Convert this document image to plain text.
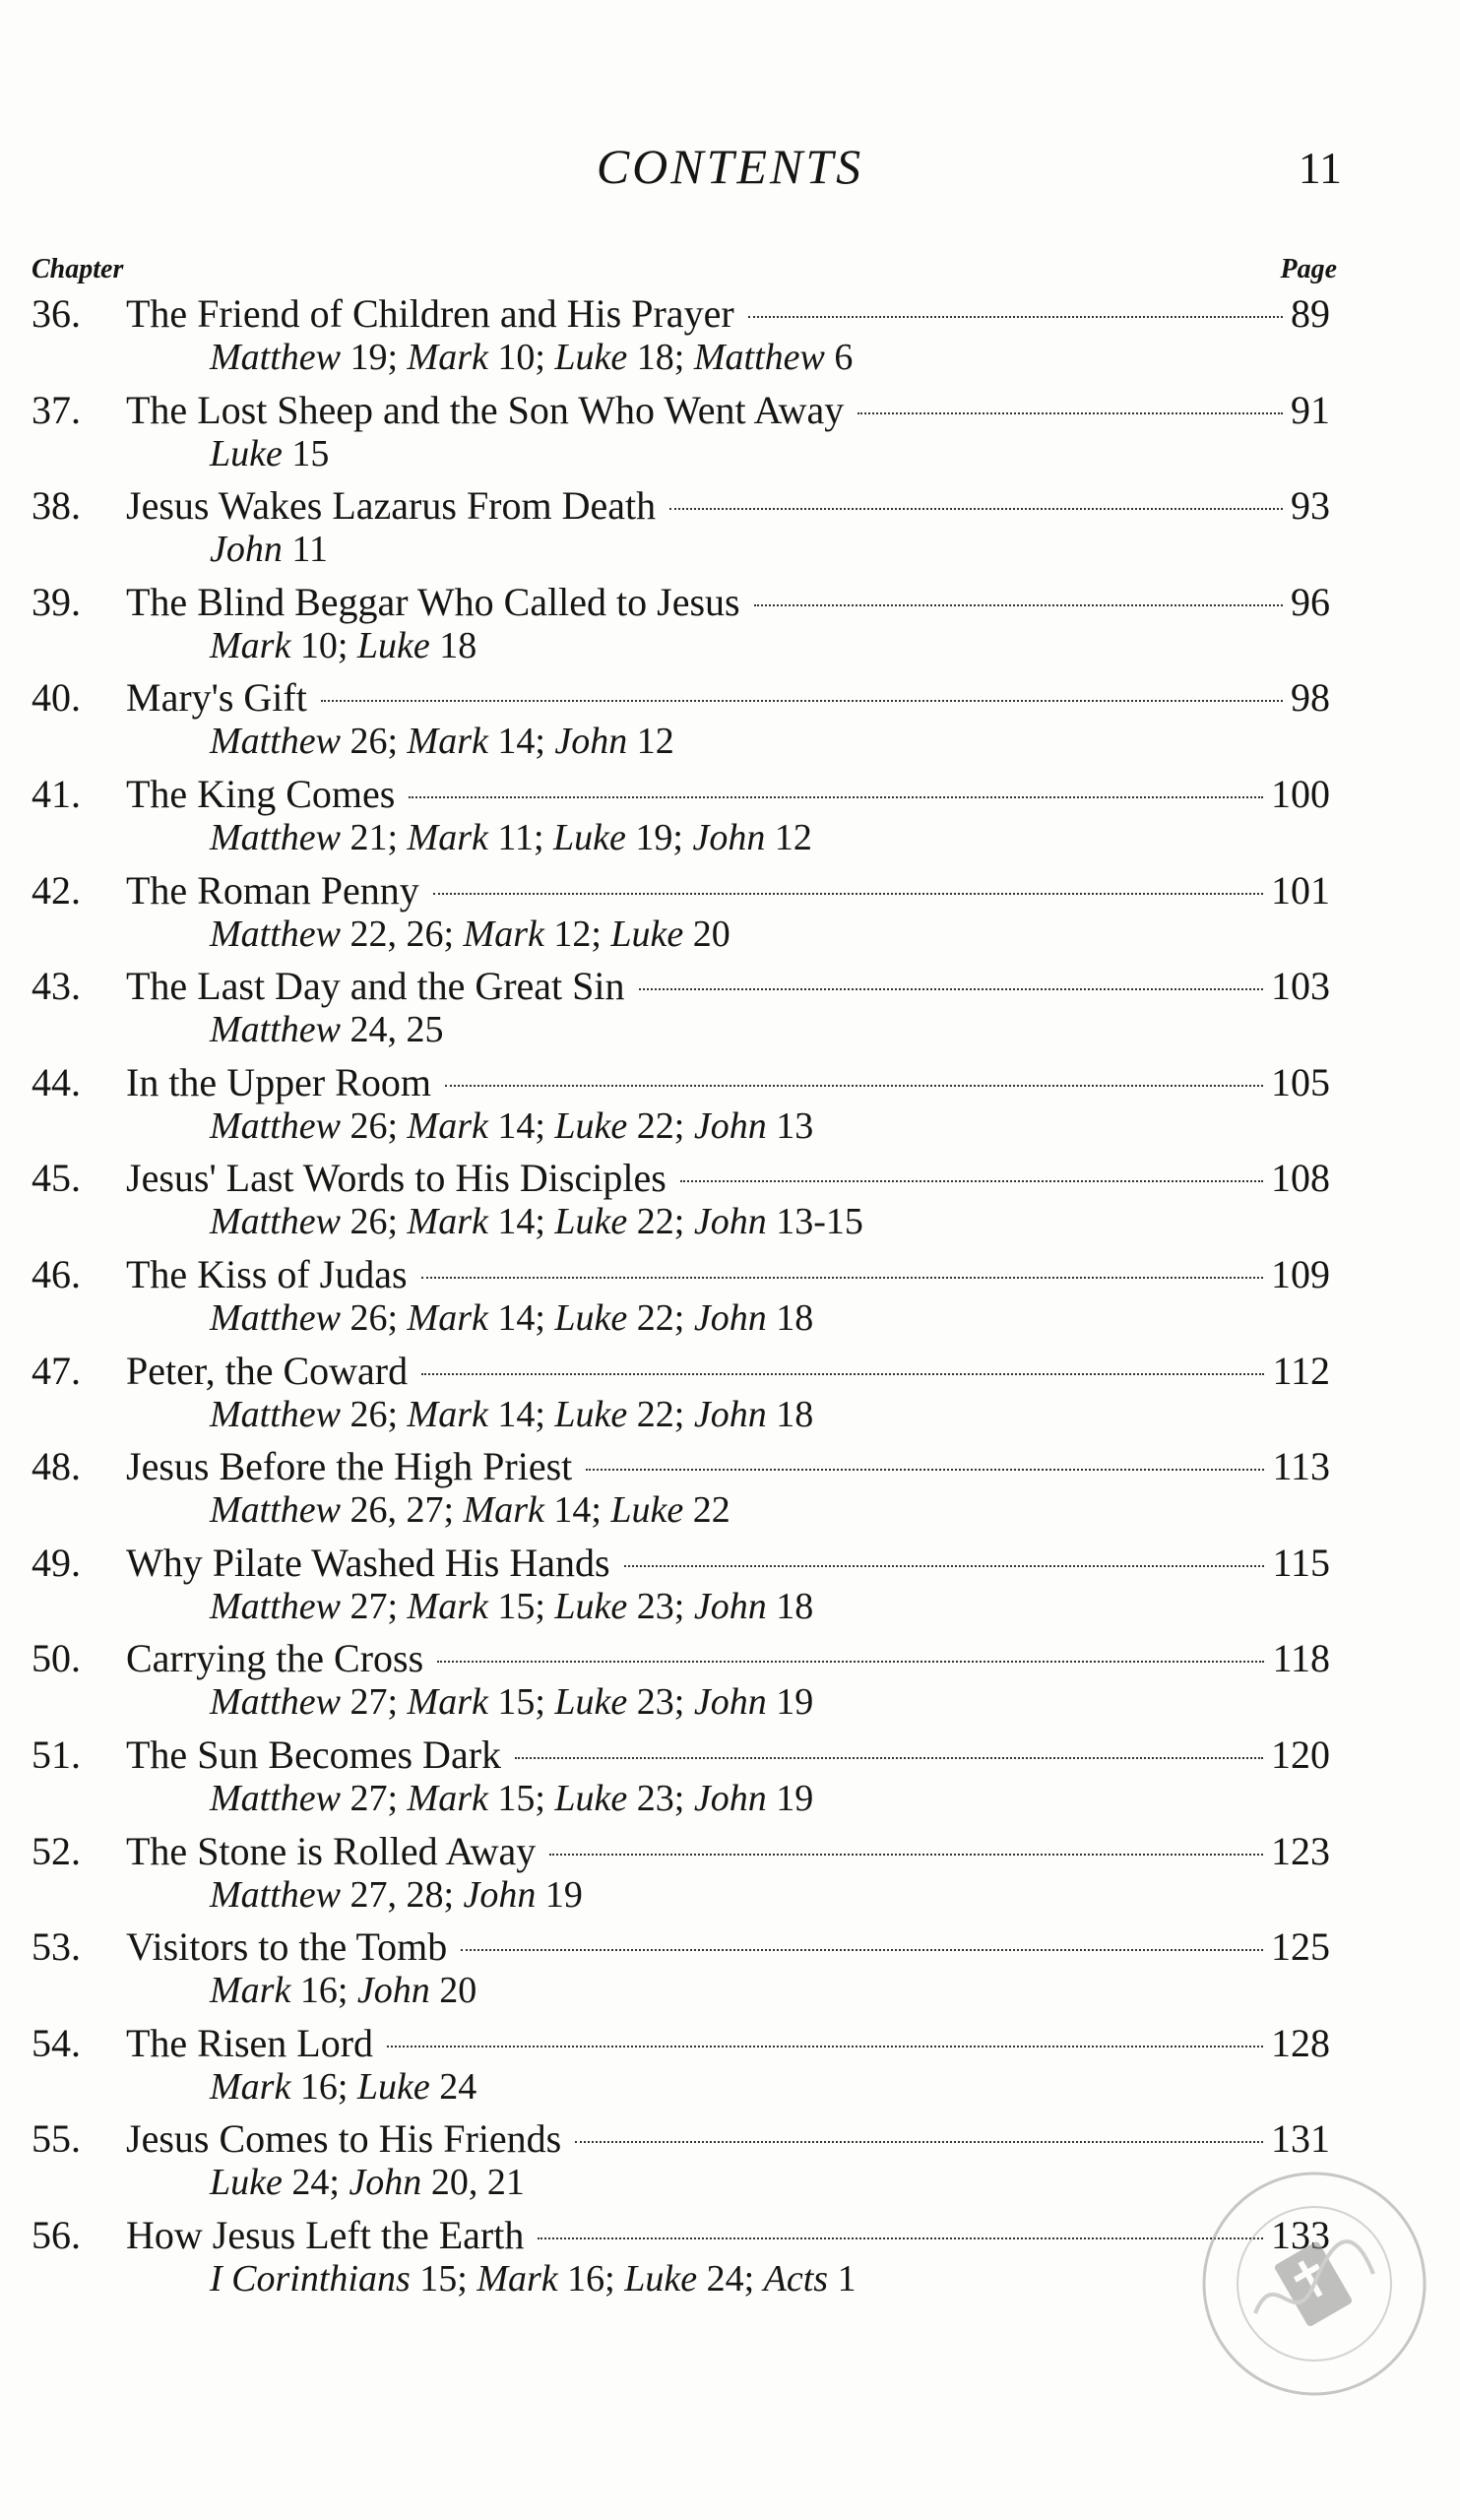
CONTENTS	11
Chapter	Page
36. The Friend of Children and His Prayer	89
Matthew 19; Mark 10; Luke 18; Matthew 6
37. The Lost Sheep and the Son Who Went Away	91
Luke 15
38. Jesus Wakes Lazarus From Death	93
John 11
39. The Blind Beggar Who Called to Jesus	96
Mark 10; Luke 18
40. Mary's Gift	98
Matthew 26; Mark 14; John 12
41. The King Comes	100
Matthew 21; Mark 11; Luke 19; John 12
42. The Roman Penny	101
Matthew 22, 26; Mark 12; Luke 20
43. The Last Day and the Great Sin	103
Matthew 24, 25
44. In the Upper Room	105
Matthew 26; Mark 14; Luke 22; John 13
45. Jesus' Last Words to His Disciples	108
Matthew 26; Mark 14; Luke 22; John 13-15
46. The Kiss of Judas	109
Matthew 26; Mark 14; Luke 22; John 18
47. Peter, the Coward	112
Matthew 26; Mark 14; Luke 22; John 18
48. Jesus Before the High Priest	113
Matthew 26, 27; Mark 14; Luke 22
49. Why Pilate Washed His Hands	115
Matthew 27; Mark 15; Luke 23; John 18
50. Carrying the Cross	118
Matthew 27; Mark 15; Luke 23; John 19
51. The Sun Becomes Dark	120
Matthew 27; Mark 15; Luke 23; John 19
52. The Stone is Rolled Away	123
Matthew 27, 28; John 19
53. Visitors to the Tomb	125
Mark 16; John 20
54. The Risen Lord	128
Mark 16; Luke 24
55. Jesus Comes to His Friends	131
Luke 24; John 20, 21
56. How Jesus Left the Earth	133
I Corinthians 15; Mark 16; Luke 24; Acts 1
